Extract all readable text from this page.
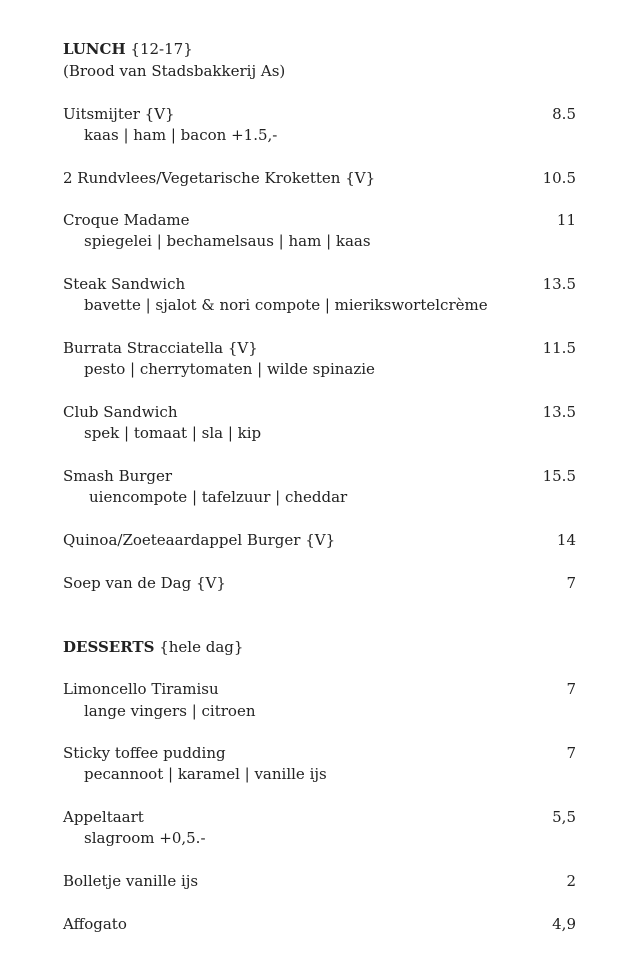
LUNCH {12-17}
(Brood van Stadsbakkerij As)
Uitsmijter {V}	8.5
kaas | ham | bacon +1.5,-
2 Rundvlees/Vegetarische Kroketten {V}	10.5
Croque Madame	11
spiegelei | bechamelsaus | ham | kaas
Steak Sandwich	13.5
bavette | sjalot & nori compote | mierikswortelcrème
Burrata Stracciatella {V}	11.5
pesto | cherrytomaten | wilde spinazie
Club Sandwich	13.5
spek | tomaat | sla | kip
Smash Burger	15.5
uiencompote | tafelzuur | cheddar
Quinoa/Zoeteaardappel Burger {V}	14
Soep van de Dag {V}	7
DESSERTS {hele dag}
Limoncello Tiramisu	7
lange vingers | citroen
Sticky toffee pudding	7
pecannoot | karamel | vanille ijs
Appeltaart	5,5
slagroom +0,5.-
Bolletje vanille ijs	2
Affogato	4,9
